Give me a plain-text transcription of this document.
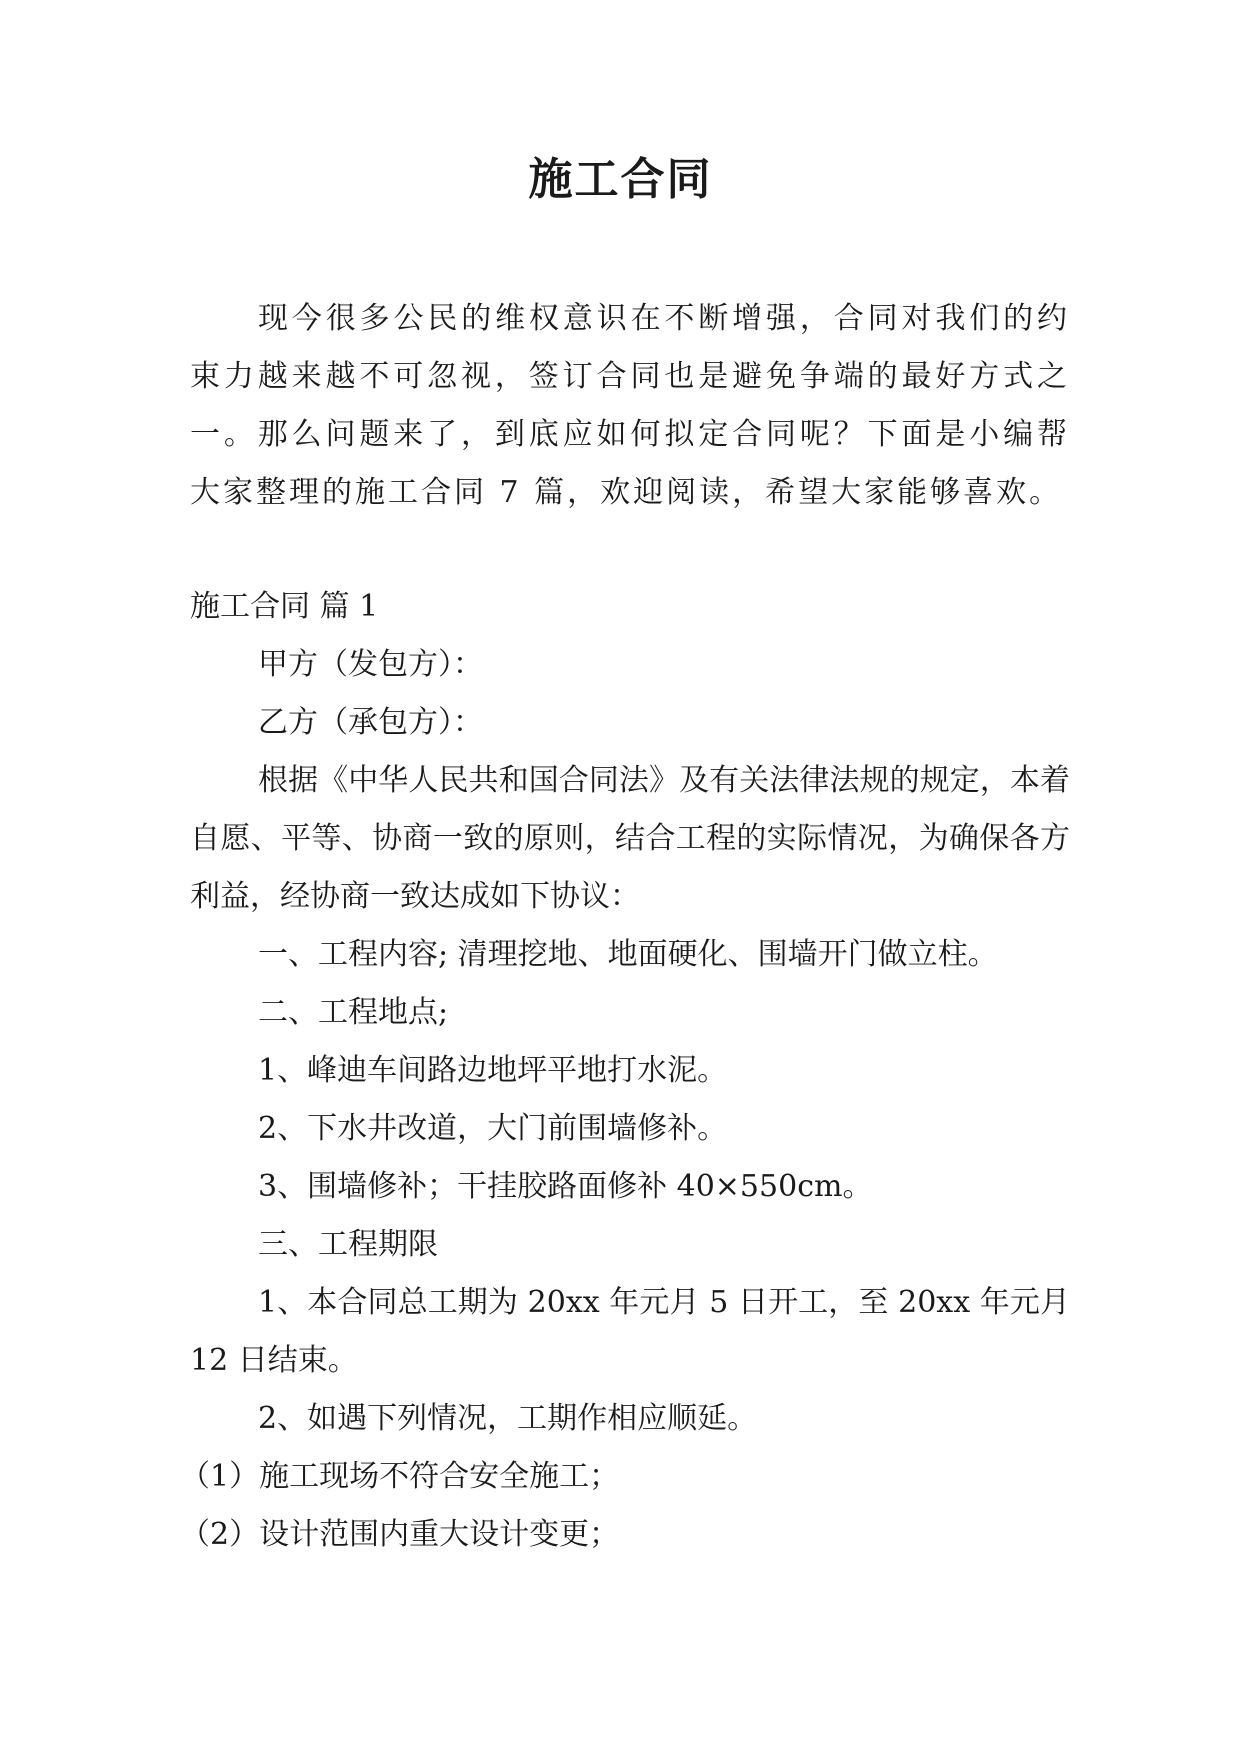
施工合同

现今很多公民的维权意识在不断增强，合同对我们的约束力越来越不可忽视，签订合同也是避免争端的最好方式之一。那么问题来了，到底应如何拟定合同呢？下面是小编帮大家整理的施工合同 7 篇，欢迎阅读，希望大家能够喜欢。

施工合同 篇 1

甲方（发包方）：

乙方（承包方）：

根据《中华人民共和国合同法》及有关法律法规的规定，本着自愿、平等、协商一致的原则，结合工程的实际情况，为确保各方利益，经协商一致达成如下协议：

一、工程内容; 清理挖地、地面硬化、围墙开门做立柱。

二、工程地点;

1、峰迪车间路边地坪平地打水泥。

2、下水井改道，大门前围墙修补。

3、围墙修补；干挂胶路面修补 40×550cm。

三、工程期限

1、本合同总工期为 20xx 年元月 5 日开工，至 20xx 年元月 12 日结束。

2、如遇下列情况，工期作相应顺延。

（1）施工现场不符合安全施工；

（2）设计范围内重大设计变更；
